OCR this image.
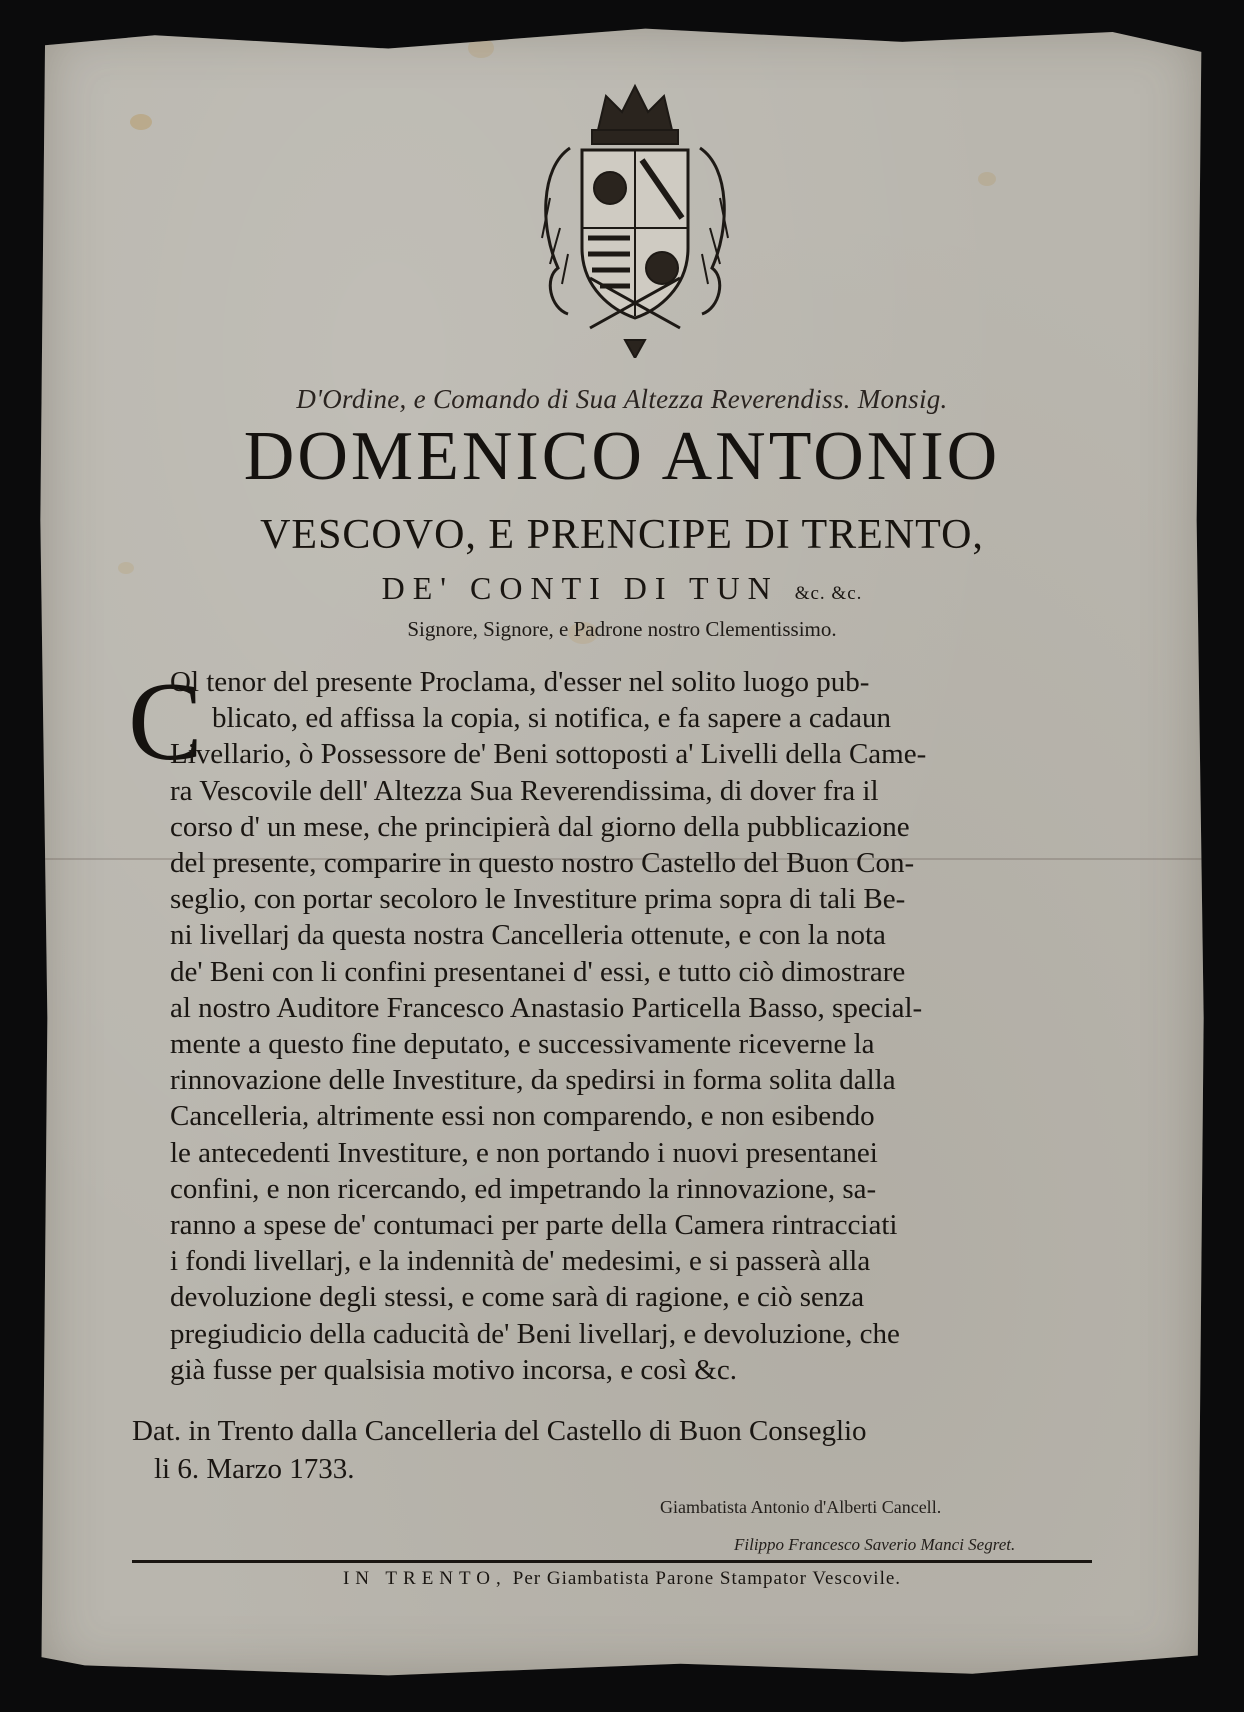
D'Ordine, e Comando di Sua Altezza Reverendiss. Monsig.
DOMENICO ANTONIO
VESCOVO, E PRENCIPE DI TRENTO,
DE' CONTI DI TUN &c. &c.
Signore, Signore, e Padrone nostro Clementissimo.
C
Ol tenor del presente Proclama, d'esser nel solito luogo pub-
blicato, ed affissa la copia, si notifica, e fa sapere a cadaun
Livellario, ò Possessore de' Beni sottoposti a' Livelli della Came-
ra Vescovile dell' Altezza Sua Reverendissima, di dover fra il
corso d' un mese, che principierà dal giorno della pubblicazione
del presente, comparire in questo nostro Castello del Buon Con-
seglio, con portar secoloro le Investiture prima sopra di tali Be-
ni livellarj da questa nostra Cancelleria ottenute, e con la nota
de' Beni con li confini presentanei d' essi, e tutto ciò dimostrare
al nostro Auditore Francesco Anastasio Particella Basso, special-
mente a questo fine deputato, e successivamente riceverne la
rinnovazione delle Investiture, da spedirsi in forma solita dalla
Cancelleria, altrimente essi non comparendo, e non esibendo
le antecedenti Investiture, e non portando i nuovi presentanei
confini, e non ricercando, ed impetrando la rinnovazione, sa-
ranno a spese de' contumaci per parte della Camera rintracciati
i fondi livellarj, e la indennità de' medesimi, e si passerà alla
devoluzione degli stessi, e come sarà di ragione, e ciò senza
pregiudicio della caducità de' Beni livellarj, e devoluzione, che
già fusse per qualsisia motivo incorsa, e così &c.
Dat. in Trento dalla Cancelleria del Castello di Buon Conseglio
li 6. Marzo 1733.
Giambatista Antonio d'Alberti Cancell.
Filippo Francesco Saverio Manci Segret.
IN TRENTO, Per Giambatista Parone Stampator Vescovile.
